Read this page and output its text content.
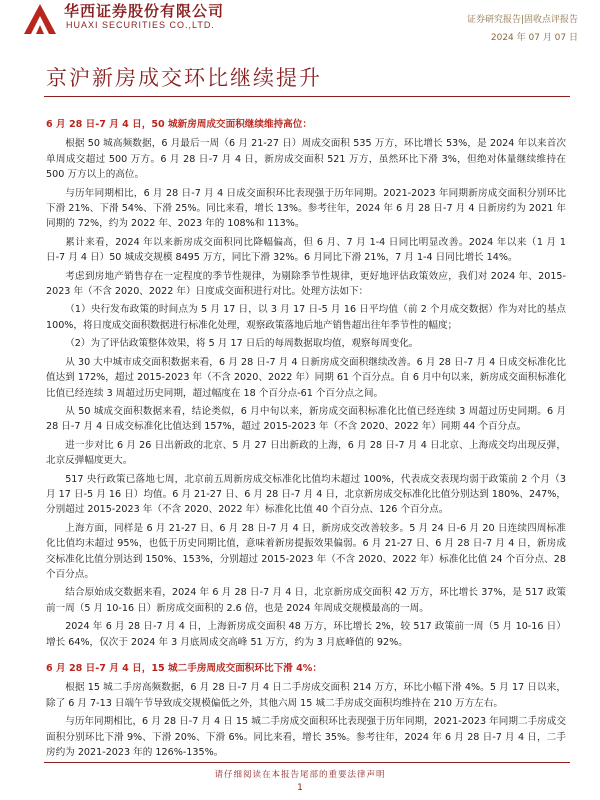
华西证券股份有限公司
HUAXI SECURITIES CO.,LTD.	证券研究报告|固收点评报告
2024 年 07 月 07 日
京沪新房成交环比继续提升
6 月 28 日-7 月 4 日，50 城新房周成交面积继续维持高位：

根据 50 城高频数据，6 月最后一周（6 月 21-27 日）周成交面积 535 万方，环比增长 53%，是 2024 年以来首次单周成交超过 500 万方。6 月 28 日-7 月 4 日，新房成交面积 521 万方，虽然环比下滑 3%，但绝对体量继续维持在 500 万方以上的高位。

与历年同期相比，6 月 28 日-7 月 4 日成交面积环比表现强于历年同期。2021-2023 年同期新房成交面积分别环比下滑 21%、下滑 54%、下滑 25%。同比来看，增长 13%。参考往年，2024 年 6 月 28 日-7 月 4 日新房约为 2021 年同期的 72%，约为 2022 年、2023 年的 108%和 113%。

累计来看，2024 年以来新房成交面积同比降幅偏高，但 6 月、7 月 1-4 日同比明显改善。2024 年以来（1 月 1 日-7 月 4 日）50 城成交规模 8495 万方，同比下滑 32%。6 月同比下滑 21%，7 月 1-4 日同比增长 14%。

考虑到房地产销售存在一定程度的季节性规律，为剔除季节性规律，更好地评估政策效应，我们对 2024 年、2015-2023 年（不含 2020、2022 年）日度成交面积进行对比。处理方法如下：

（1）央行发布政策的时间点为 5 月 17 日，以 3 月 17 日-5 月 16 日平均值（前 2 个月成交数据）作为对比的基点 100%，将日度成交面积数据进行标准化处理，观察政策落地后地产销售超出往年季节性的幅度；

（2）为了评估政策整体效果，将 5 月 17 日后的每周数据取均值，观察每周变化。

从 30 大中城市成交面积数据来看，6 月 28 日-7 月 4 日新房成交面积继续改善。6 月 28 日-7 月 4 日成交标准化比值达到 172%，超过 2015-2023 年（不含 2020、2022 年）同期 61 个百分点。自 6 月中旬以来，新房成交面积标准化比值已经连续 3 周超过历史同期，超过幅度在 18 个百分点-61 个百分点之间。

从 50 城成交面积数据来看，结论类似，6 月中旬以来，新房成交面积标准化比值已经连续 3 周超过历史同期。6 月 28 日-7 月 4 日成交标准化比值达到 157%，超过 2015-2023 年（不含 2020、2022 年）同期 44 个百分点。

进一步对比 6 月 26 日出新政的北京、5 月 27 日出新政的上海，6 月 28 日-7 月 4 日北京、上海成交均出现反弹，北京反弹幅度更大。

517 央行政策已落地七周，北京前五周新房成交标准化比值均未超过 100%，代表成交表现均弱于政策前 2 个月（3 月 17 日-5 月 16 日）均值。6 月 21-27 日、6 月 28 日-7 月 4 日，北京新房成交标准化比值分别达到 180%、247%，分别超过 2015-2023 年（不含 2020、2022 年）标准化比值 40 个百分点、126 个百分点。

上海方面，同样是 6 月 21-27 日、6 月 28 日-7 月 4 日，新房成交改善较多。5 月 24 日-6 月 20 日连续四周标准化比值均未超过 95%，也低于历史同期比值，意味着新房提振效果偏弱。6 月 21-27 日、6 月 28 日-7 月 4 日，新房成交标准化比值分别达到 150%、153%，分别超过 2015-2023 年（不含 2020、2022 年）标准化比值 24 个百分点、28 个百分点。

结合原始成交数据来看，2024 年 6 月 28 日-7 月 4 日，北京新房成交面积 42 万方，环比增长 37%，是 517 政策前一周（5 月 10-16 日）新房成交面积的 2.6 倍，也是 2024 年周成交规模最高的一周。

2024 年 6 月 28 日-7 月 4 日，上海新房成交面积 48 万方，环比增长 2%，较 517 政策前一周（5 月 10-16 日）增长 64%，仅次于 2024 年 3 月底周成交高峰 51 万方，约为 3 月底峰值的 92%。

6 月 28 日-7 月 4 日，15 城二手房周成交面积环比下滑 4%：

根据 15 城二手房高频数据，6 月 28 日-7 月 4 日二手房成交面积 214 万方，环比小幅下滑 4%。5 月 17 日以来，除了 6 月 7-13 日端午节导致成交规模偏低之外，其他六周 15 城二手房成交面积均维持在 210 万方左右。

与历年同期相比，6 月 28 日-7 月 4 日 15 城二手房成交面积环比表现强于历年同期，2021-2023 年同期二手房成交面积分别环比下滑 9%、下滑 20%、下滑 6%。同比来看，增长 35%。参考往年，2024 年 6 月 28 日-7 月 4 日，二手房约为 2021-2023 年的 126%-135%。

请仔细阅读在本报告尾部的重要法律声明
1
